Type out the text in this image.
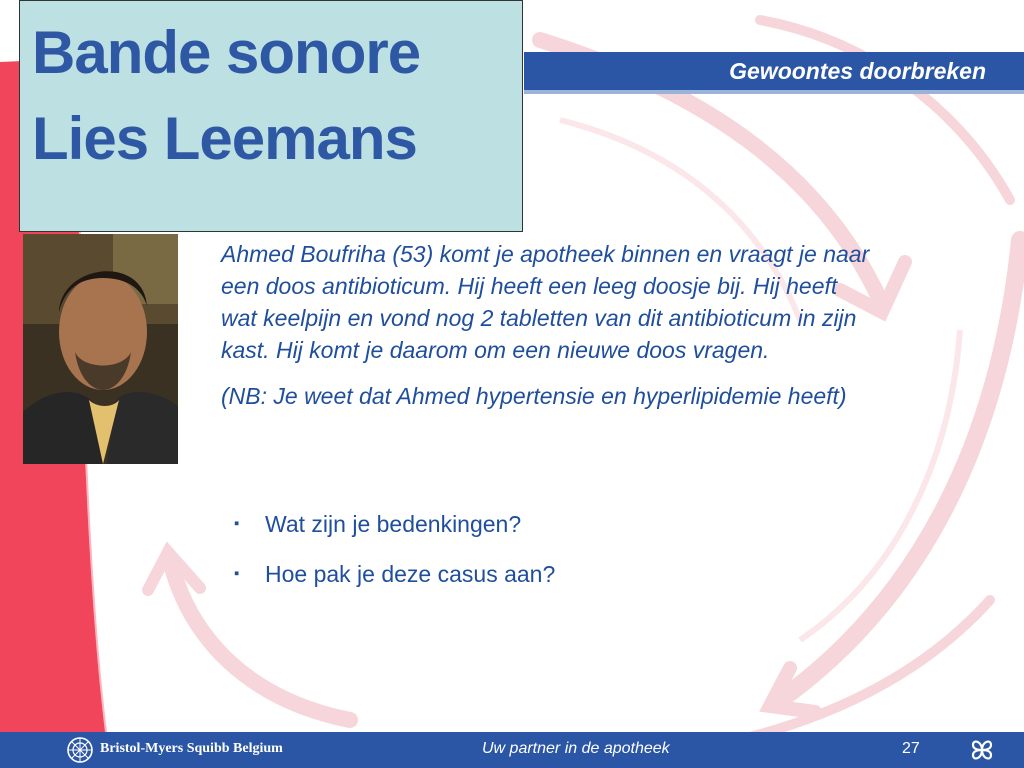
Gewoontes doorbreken
Bande sonore
Lies Leemans

Ahmed Boufriha (53) komt je apotheek binnen en vraagt je naar

een doos antibioticum. Hij heeft een leeg doosje bij. Hij heeft

wat keelpijn en vond nog 2 tabletten van dit antibioticum in zijn

kast. Hij komt je daarom om een nieuwe doos vragen.

(NB: Je weet dat Ahmed hypertensie en hyperlipidemie heeft)

▪ Wat zijn je bedenkingen?
▪ Hoe pak je deze casus aan?
Bristol-Myers Squibb Belgium	Uw partner in de apotheek	27
